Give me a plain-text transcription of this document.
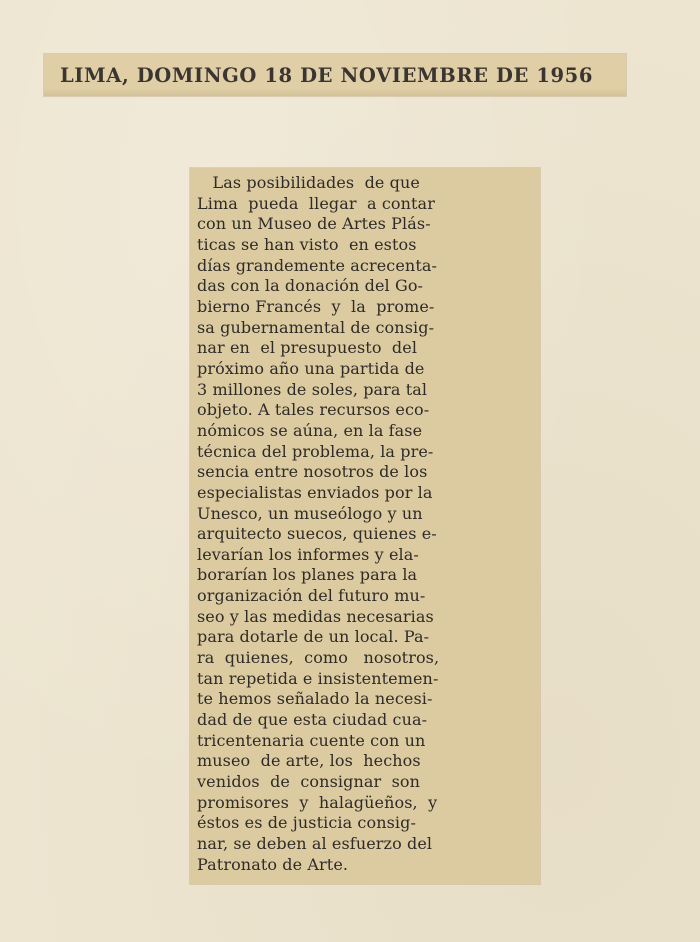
LIMA, DOMINGO 18 DE NOVIEMBRE DE 1956
Las posibilidades  de que
Lima  pueda  llegar  a contar
con un Museo de Artes Plás-
ticas se han visto  en estos
días grandemente acrecenta-
das con la donación del Go-
bierno Francés  y  la  prome-
sa gubernamental de consig-
nar en  el presupuesto  del
próximo año una partida de
3 millones de soles, para tal
objeto. A tales recursos eco-
nómicos se aúna, en la fase
técnica del problema, la pre-
sencia entre nosotros de los
especialistas enviados por la
Unesco, un museólogo y un
arquitecto suecos, quienes e-
levarían los informes y ela-
borarían los planes para la
organización del futuro mu-
seo y las medidas necesarias
para dotarle de un local. Pa-
ra  quienes,  como   nosotros,
tan repetida e insistentemen-
te hemos señalado la necesi-
dad de que esta ciudad cua-
tricentenaria cuente con un
museo  de arte, los  hechos
venidos  de  consignar  son
promisores  y  halagüeños,  y
éstos es de justicia consig-
nar, se deben al esfuerzo del
Patronato de Arte.
